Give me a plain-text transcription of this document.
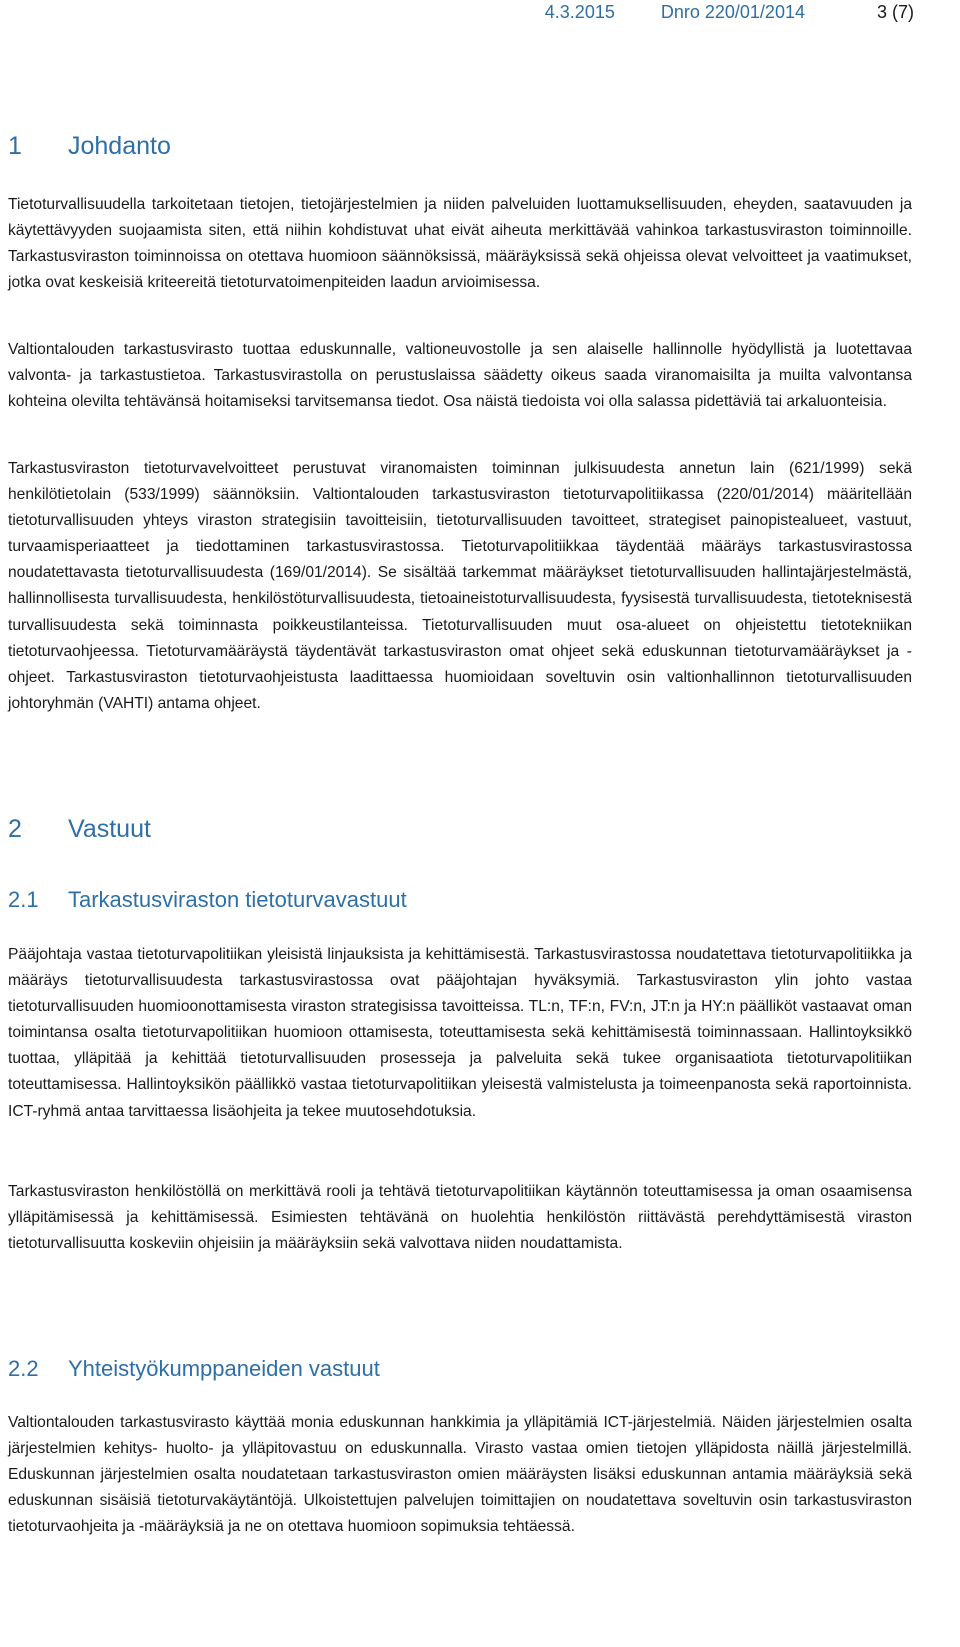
4.3.2015	Dnro 220/01/2014	3 (7)
1 Johdanto

Tietoturvallisuudella tarkoitetaan tietojen, tietojärjestelmien ja niiden palveluiden luottamuksellisuuden, eheyden, saatavuuden ja käytettävyyden suojaamista siten, että niihin kohdistuvat uhat eivät aiheuta merkittävää vahinkoa tarkastusviraston toiminnoille. Tarkastusviraston toiminnoissa on otettava huomioon säännöksissä, määräyksissä sekä ohjeissa olevat velvoitteet ja vaatimukset, jotka ovat keskeisiä kriteereitä tietoturvatoimenpiteiden laadun arvioimisessa.

Valtiontalouden tarkastusvirasto tuottaa eduskunnalle, valtioneuvostolle ja sen alaiselle hallinnolle hyödyllistä ja luotettavaa valvonta- ja tarkastustietoa. Tarkastusvirastolla on perustuslaissa säädetty oikeus saada viranomaisilta ja muilta valvontansa kohteina olevilta tehtävänsä hoitamiseksi tarvitsemansa tiedot. Osa näistä tiedoista voi olla salassa pidettäviä tai arkaluonteisia.

Tarkastusviraston tietoturvavelvoitteet perustuvat viranomaisten toiminnan julkisuudesta annetun lain (621/1999) sekä henkilötietolain (533/1999) säännöksiin. Valtiontalouden tarkastusviraston tietoturvapolitiikassa (220/01/2014) määritellään tietoturvallisuuden yhteys viraston strategisiin tavoitteisiin, tietoturvallisuuden tavoitteet, strategiset painopistealueet, vastuut, turvaamisperiaatteet ja tiedottaminen tarkastusvirastossa. Tietoturvapolitiikkaa täydentää määräys tarkastusvirastossa noudatettavasta tietoturvallisuudesta (169/01/2014). Se sisältää tarkemmat määräykset tietoturvallisuuden hallintajärjestelmästä, hallinnollisesta turvallisuudesta, henkilöstöturvallisuudesta, tietoaineistoturvallisuudesta, fyysisestä turvallisuudesta, tietoteknisestä turvallisuudesta sekä toiminnasta poikkeustilanteissa. Tietoturvallisuuden muut osa-alueet on ohjeistettu tietotekniikan tietoturvaohjeessa. Tietoturvamääräystä täydentävät tarkastusviraston omat ohjeet sekä eduskunnan tietoturvamääräykset ja -ohjeet. Tarkastusviraston tietoturvaohjeistusta laadittaessa huomioidaan soveltuvin osin valtionhallinnon tietoturvallisuuden johtoryhmän (VAHTI) antama ohjeet.

2 Vastuut
2.1 Tarkastusviraston tietoturvavastuut

Pääjohtaja vastaa tietoturvapolitiikan yleisistä linjauksista ja kehittämisestä. Tarkastusvirastossa noudatettava tietoturvapolitiikka ja määräys tietoturvallisuudesta tarkastusvirastossa ovat pääjohtajan hyväksymiä. Tarkastusviraston ylin johto vastaa tietoturvallisuuden huomioonottamisesta viraston strategisissa tavoitteissa. TL:n, TF:n, FV:n, JT:n ja HY:n päälliköt vastaavat oman toimintansa osalta tietoturvapolitiikan huomioon ottamisesta, toteuttamisesta sekä kehittämisestä toiminnassaan. Hallintoyksikkö tuottaa, ylläpitää ja kehittää tietoturvallisuuden prosesseja ja palveluita sekä tukee organisaatiota tietoturvapolitiikan toteuttamisessa. Hallintoyksikön päällikkö vastaa tietoturvapolitiikan yleisestä valmistelusta ja toimeenpanosta sekä raportoinnista. ICT-ryhmä antaa tarvittaessa lisäohjeita ja tekee muutosehdotuksia.

Tarkastusviraston henkilöstöllä on merkittävä rooli ja tehtävä tietoturvapolitiikan käytännön toteuttamisessa ja oman osaamisensa ylläpitämisessä ja kehittämisessä. Esimiesten tehtävänä on huolehtia henkilöstön riittävästä perehdyttämisestä viraston tietoturvallisuutta koskeviin ohjeisiin ja määräyksiin sekä valvottava niiden noudattamista.

2.2 Yhteistyökumppaneiden vastuut

Valtiontalouden tarkastusvirasto käyttää monia eduskunnan hankkimia ja ylläpitämiä ICT-järjestelmiä. Näiden järjestelmien osalta järjestelmien kehitys- huolto- ja ylläpitovastuu on eduskunnalla. Virasto vastaa omien tietojen ylläpidosta näillä järjestelmillä. Eduskunnan järjestelmien osalta noudatetaan tarkastusviraston omien määräysten lisäksi eduskunnan antamia määräyksiä sekä eduskunnan sisäisiä tietoturvakäytäntöjä. Ulkoistettujen palvelujen toimittajien on noudatettava soveltuvin osin tarkastusviraston tietoturvaohjeita ja -määräyksiä ja ne on otettava huomioon sopimuksia tehtäessä.
